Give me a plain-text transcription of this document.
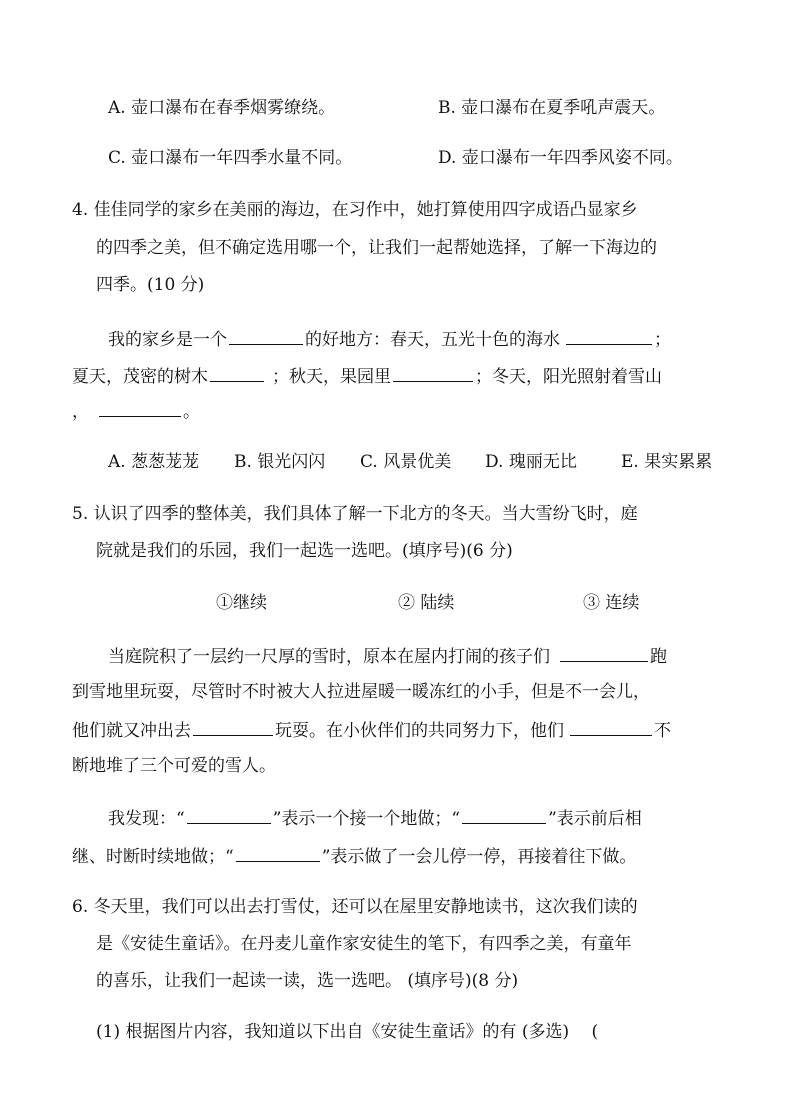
A. 壶口瀑布在春季烟雾缭绕。	B. 壶口瀑布在夏季吼声震天。
C. 壶口瀑布一年四季水量不同。	D. 壶口瀑布一年四季风姿不同。
4. 佳佳同学的家乡在美丽的海边，在习作中，她打算使用四字成语凸显家乡
的四季之美，但不确定选用哪一个，让我们一起帮她选择，了解一下海边的
四季。(10 分)
我的家乡是一个	的好地方：春天，五光十色的海水	；
夏天，茂密的树木	；秋天，果园里	；冬天，阳光照射着雪山
，	。
A. 葱葱茏茏 B. 银光闪闪 C. 风景优美 D. 瑰丽无比	E. 果实累累
5. 认识了四季的整体美，我们具体了解一下北方的冬天。当大雪纷飞时，庭
院就是我们的乐园，我们一起选一选吧。(填序号)(6 分)
①继续	② 陆续	③ 连续
当庭院积了一层约一尺厚的雪时，原本在屋内打闹的孩子们	跑
到雪地里玩耍，尽管时不时被大人拉进屋暖一暖冻红的小手，但是不一会儿，
他们就又冲出去	玩耍。在小伙伴们的共同努力下，他们	不
断地堆了三个可爱的雪人。
我发现：“	”表示一个接一个地做；“	”表示前后相
继、时断时续地做；“	”表示做了一会儿停一停，再接着往下做。
6. 冬天里，我们可以出去打雪仗，还可以在屋里安静地读书，这次我们读的
是《安徒生童话》。在丹麦儿童作家安徒生的笔下，有四季之美，有童年
的喜乐，让我们一起读一读，选一选吧。 (填序号)(8 分)
(1) 根据图片内容，我知道以下出自《安徒生童话》的有 (多选)　 (
